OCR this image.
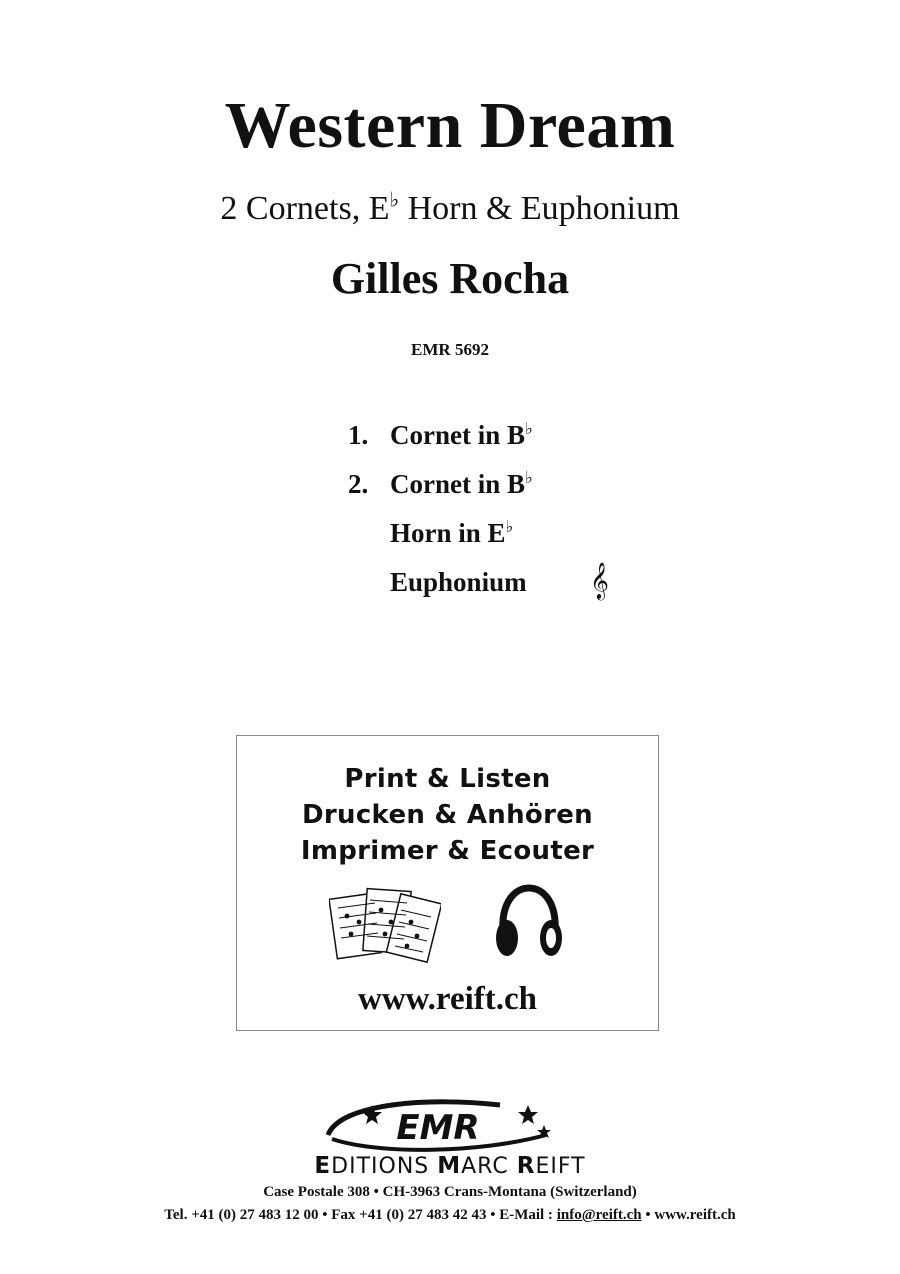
Western Dream
2 Cornets, E♭ Horn & Euphonium
Gilles Rocha
EMR 5692
1. Cornet in B♭
2. Cornet in B♭
Horn in E♭
Euphonium 𝄞
Print & Listen
Drucken & Anhören
Imprimer & Ecouter
www.reift.ch
EMR
EDITIONS MARC REIFT
Case Postale 308 • CH-3963 Crans-Montana (Switzerland)
Tel. +41 (0) 27 483 12 00 • Fax +41 (0) 27 483 42 43 • E-Mail : info@reift.ch • www.reift.ch
